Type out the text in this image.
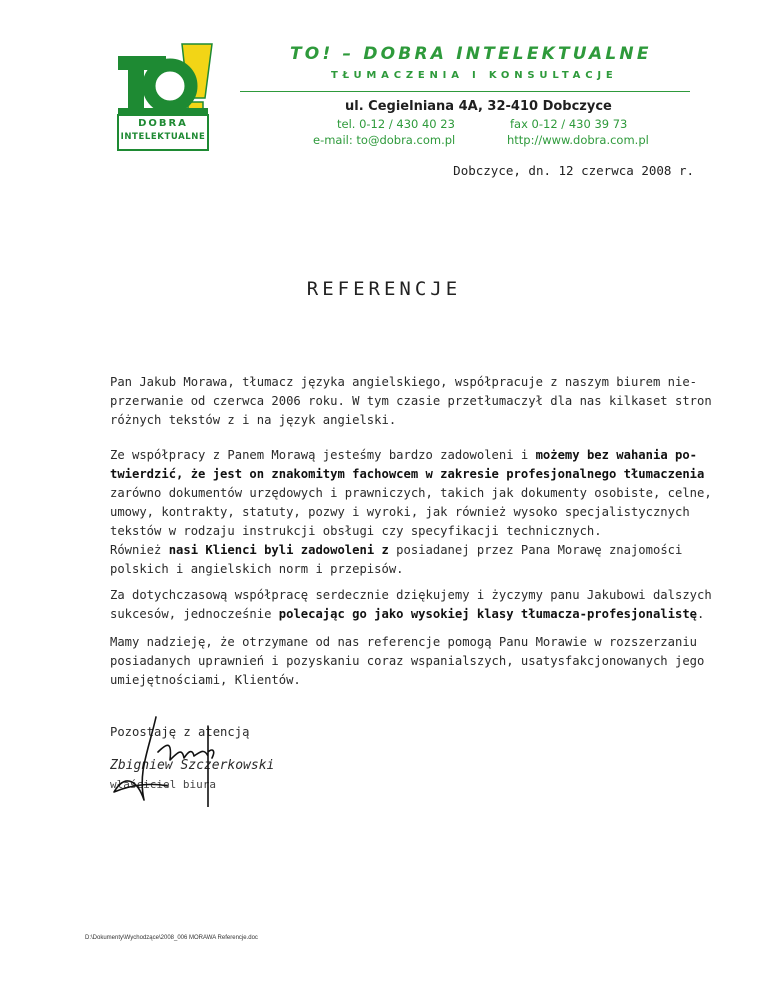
DOBRA
INTELEKTUALNE
TO! – DOBRA INTELEKTUALNE
TŁUMACZENIA I KONSULTACJE
ul. Cegielniana 4A, 32-410 Dobczyce
tel. 0-12 / 430 40 23	fax 0-12 / 430 39 73
e-mail: to@dobra.com.pl	http://www.dobra.com.pl
Dobczyce, dn. 12 czerwca 2008 r.
REFERENCJE
Pan Jakub Morawa, tłumacz języka angielskiego, współpracuje z naszym biurem nie-
przerwanie od czerwca 2006 roku. W tym czasie przetłumaczył dla nas kilkaset stron
różnych tekstów z i na język angielski.
Ze współpracy z Panem Morawą jesteśmy bardzo zadowoleni i możemy bez wahania po-
twierdzić, że jest on znakomitym fachowcem w zakresie profesjonalnego tłumaczenia
zarówno dokumentów urzędowych i prawniczych, takich jak dokumenty osobiste, celne,
umowy, kontrakty, statuty, pozwy i wyroki, jak również wysoko specjalistycznych
tekstów w rodzaju instrukcji obsługi czy specyfikacji technicznych.
Również nasi Klienci byli zadowoleni z posiadanej przez Pana Morawę znajomości
polskich i angielskich norm i przepisów.
Za dotychczasową współpracę serdecznie dziękujemy i życzymy panu Jakubowi dalszych
sukcesów, jednocześnie polecając go jako wysokiej klasy tłumacza-profesjonalistę.
Mamy nadzieję, że otrzymane od nas referencje pomogą Panu Morawie w rozszerzaniu
posiadanych uprawnień i pozyskaniu coraz wspanialszych, usatysfakcjonowanych jego
umiejętnościami, Klientów.
Pozostaję z atencją
Zbigniew Szczerkowski
właściciel biura
D:\Dokumenty\Wychodzące\2008_006 MORAWA Referencje.doc
